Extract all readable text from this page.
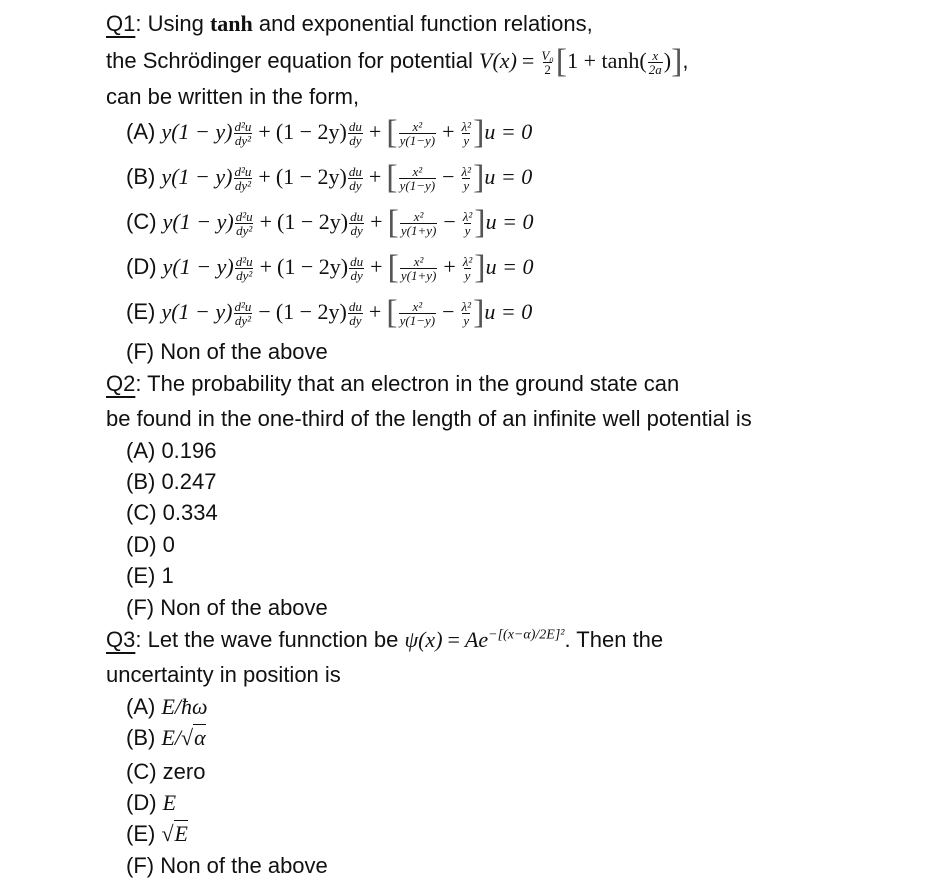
Q1: Using tanh and exponential function relations,
the Schrödinger equation for potential $V(x) = \frac{\text{V₀}}{2} [1 + \tanh( \frac{x}{2a}$ )],
can be written in the form,
(A) $y(1 - y) \frac{\text{d²u}}{\text{dy²}} + (1 - 2y) \frac{du}{dy}$ + [ $\frac{\text{x²}}{y(1-y)} + \frac{\text{λ²}}{y} ]u = 0$
(B) $y(1 - y) \frac{\text{d²u}}{\text{dy²}} + (1 - 2y) \frac{du}{dy}$ + [ $\frac{\text{x²}}{y(1-y)} - \frac{\text{λ²}}{y} ]u = 0$
(C) $y(1 - y) \frac{\text{d²u}}{\text{dy²}} + (1 - 2y) \frac{du}{dy}$ + [ $\frac{\text{x²}}{y(1+y)} - \frac{\text{λ²}}{y} ]u = 0$
(D) $y(1 - y) \frac{\text{d²u}}{\text{dy²}} + (1 - 2y) \frac{du}{dy}$ + [ $\frac{\text{x²}}{y(1+y)} + \frac{\text{λ²}}{y} ]u = 0$
(E) $y(1 - y) \frac{\text{d²u}}{\text{dy²}} - (1 - 2y) \frac{du}{dy}$ + [ $\frac{\text{x²}}{y(1-y)} - \frac{\text{λ²}}{y} ]u = 0$
(F) Non of the above
Q2: The probability that an electron in the ground state can
be found in the one-third of the length of an infinite well potential is
(A) 0.196
(B) 0.247
(C) 0.334
(D) 0
(E) 1
(F) Non of the above
Q3: Let the wave funnction be $\psi(x) = Ae^{-[(x-\alpha)/2E]^2}$. Then the
uncertainty in position is
(A) E/ħω
(B) E/√α
(C) zero
(D) E
(E) √E
(F) Non of the above
